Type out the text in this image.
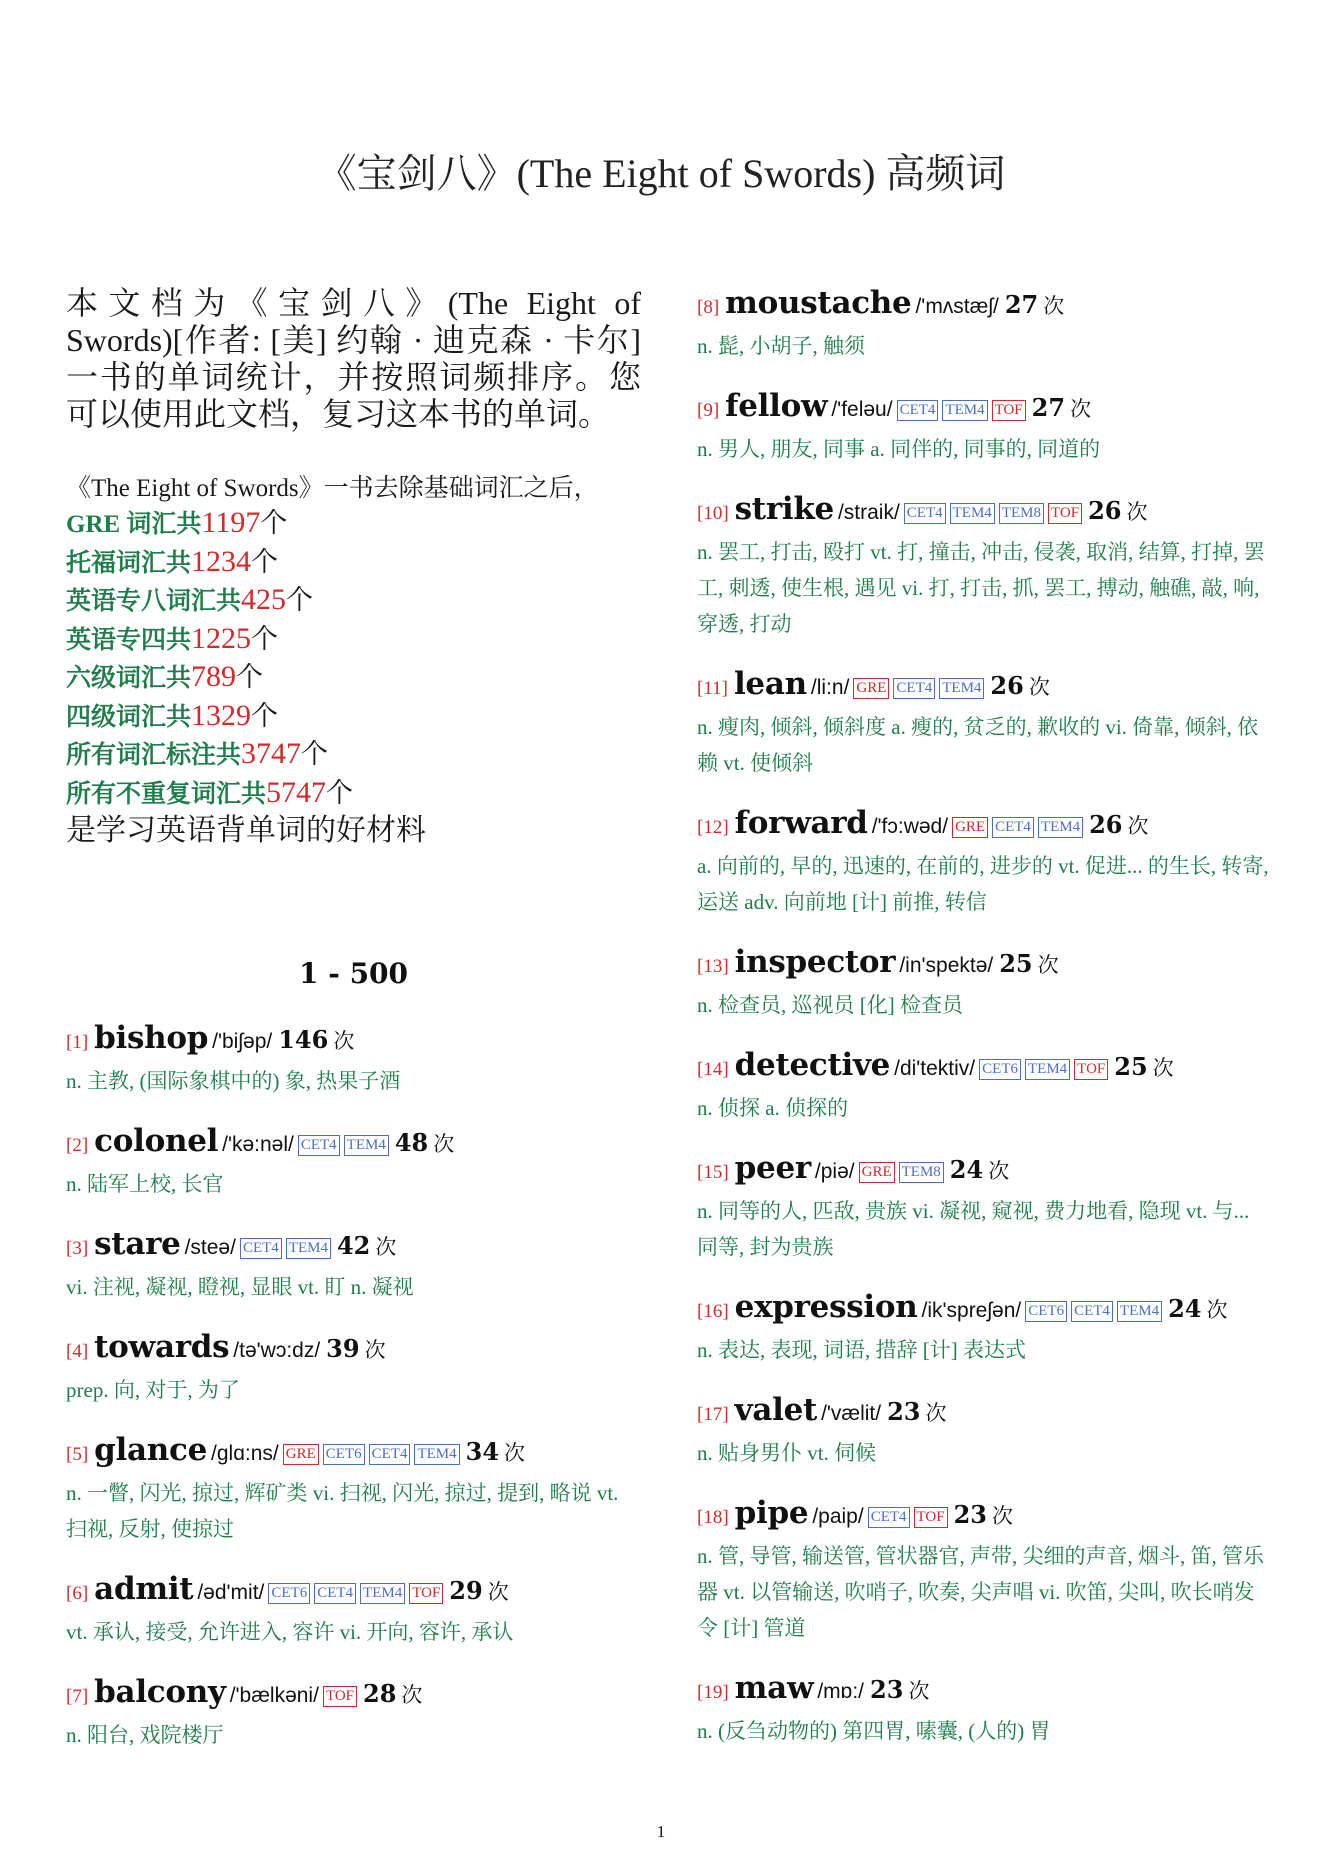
《宝剑八》(The Eight of Swords) 高频词

本文档为《宝剑八》(The Eight of Swords)[作者: [美] 约翰 · 迪克森 · 卡尔] 一书的单词统计，并按照词频排序。您可以使用此文档，复习这本书的单词。

《The Eight of Swords》一书去除基础词汇之后，
GRE 词汇共1197个
托福词汇共1234个
英语专八词汇共425个
英语专四共1225个
六级词汇共789个
四级词汇共1329个
所有词汇标注共3747个
所有不重复词汇共5747个
是学习英语背单词的好材料
1 - 500
[1] bishop /'biʃəp/ 146 次
n. 主教, (国际象棋中的) 象, 热果子酒
[2] colonel /'kə:nəl/ CET4 TEM4 48 次
n. 陆军上校, 长官
[3] stare /steə/ CET4 TEM4 42 次
vi. 注视, 凝视, 瞪视, 显眼 vt. 盯 n. 凝视
[4] towards /tə'wɔ:dz/ 39 次
prep. 向, 对于, 为了
[5] glance /glɑ:ns/ GRE CET6 CET4 TEM4 34 次
n. 一瞥, 闪光, 掠过, 辉矿类 vi. 扫视, 闪光, 掠过, 提到, 略说 vt. 扫视, 反射, 使掠过
[6] admit /əd'mit/ CET6 CET4 TEM4 TOF 29 次
vt. 承认, 接受, 允许进入, 容许 vi. 开向, 容许, 承认
[7] balcony /'bælkəni/ TOF 28 次
n. 阳台, 戏院楼厅
[8] moustache /'mʌstæʃ/ 27 次
n. 髭, 小胡子, 触须
[9] fellow /'feləu/ CET4 TEM4 TOF 27 次
n. 男人, 朋友, 同事 a. 同伴的, 同事的, 同道的
[10] strike /straik/ CET4 TEM4 TEM8 TOF 26 次
n. 罢工, 打击, 殴打 vt. 打, 撞击, 冲击, 侵袭, 取消, 结算, 打掉, 罢工, 刺透, 使生根, 遇见 vi. 打, 打击, 抓, 罢工, 搏动, 触礁, 敲, 响, 穿透, 打动
[11] lean /li:n/ GRE CET4 TEM4 26 次
n. 瘦肉, 倾斜, 倾斜度 a. 瘦的, 贫乏的, 歉收的 vi. 倚靠, 倾斜, 依赖 vt. 使倾斜
[12] forward /'fɔ:wəd/ GRE CET4 TEM4 26 次
a. 向前的, 早的, 迅速的, 在前的, 进步的 vt. 促进... 的生长, 转寄, 运送 adv. 向前地 [计] 前推, 转信
[13] inspector /in'spektə/ 25 次
n. 检查员, 巡视员 [化] 检查员
[14] detective /di'tektiv/ CET6 TEM4 TOF 25 次
n. 侦探 a. 侦探的
[15] peer /piə/ GRE TEM8 24 次
n. 同等的人, 匹敌, 贵族 vi. 凝视, 窥视, 费力地看, 隐现 vt. 与... 同等, 封为贵族
[16] expression /ik'spreʃən/ CET6 CET4 TEM4 24 次
n. 表达, 表现, 词语, 措辞 [计] 表达式
[17] valet /'vælit/ 23 次
n. 贴身男仆 vt. 伺候
[18] pipe /paip/ CET4 TOF 23 次
n. 管, 导管, 输送管, 管状器官, 声带, 尖细的声音, 烟斗, 笛, 管乐器 vt. 以管输送, 吹哨子, 吹奏, 尖声唱 vi. 吹笛, 尖叫, 吹长哨发令 [计] 管道
[19] maw /mɒ:/ 23 次
n. (反刍动物的) 第四胃, 嗉囊, (人的) 胃
1
